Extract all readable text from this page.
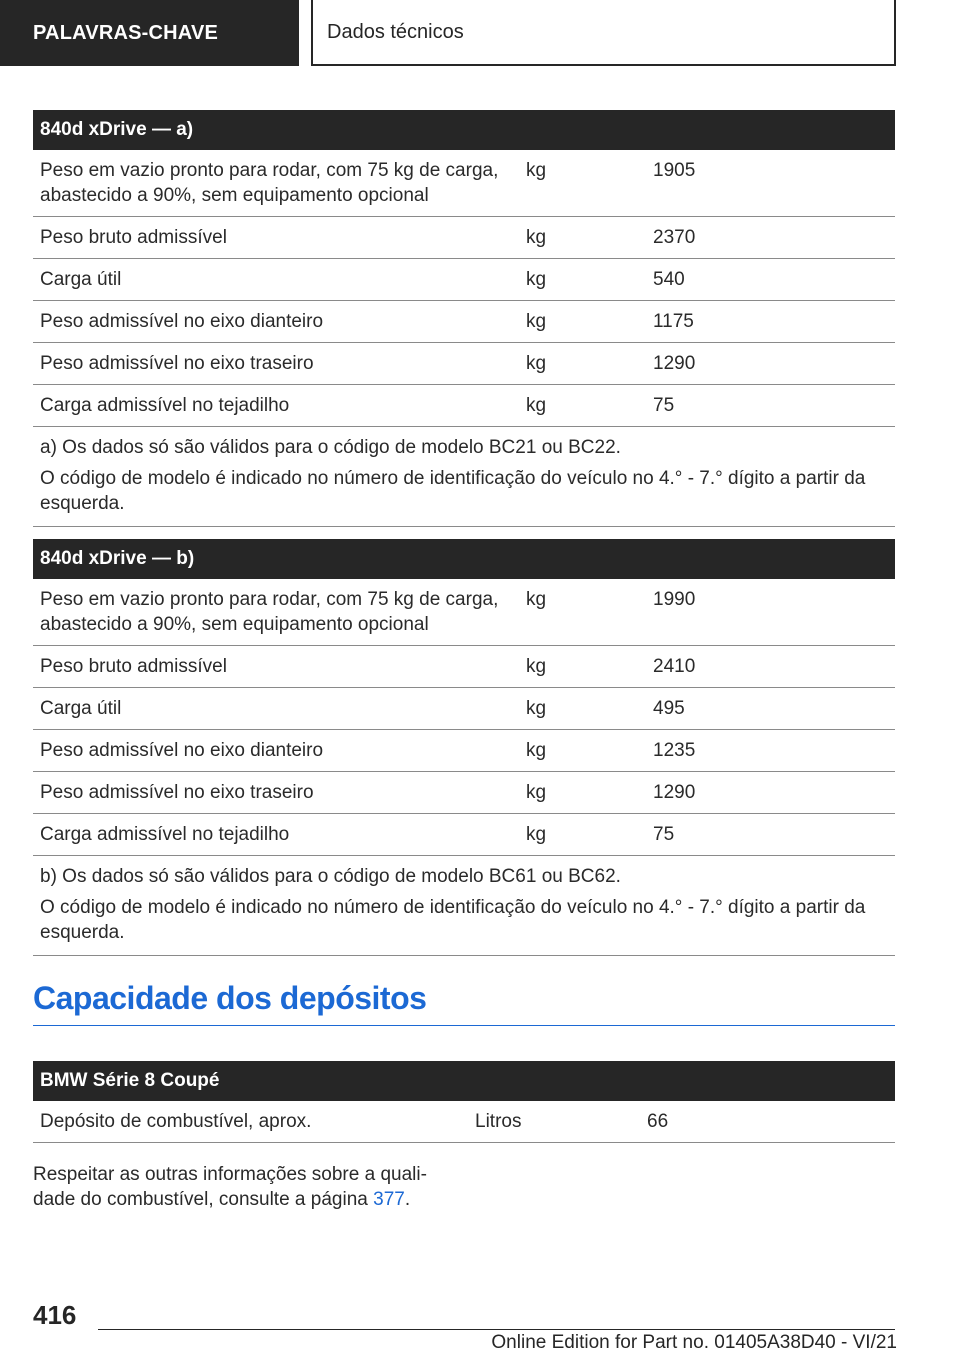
PALAVRAS-CHAVE	Dados técnicos
840d xDrive — a)		
Peso em vazio pronto para rodar, com 75 kg de carga, abastecido a 90%, sem equipamento opcional	kg	1905
Peso bruto admissível	kg	2370
Carga útil	kg	540
Peso admissível no eixo dianteiro	kg	1175
Peso admissível no eixo traseiro	kg	1290
Carga admissível no tejadilho	kg	75

a) Os dados só são válidos para o código de modelo BC21 ou BC22.

O código de modelo é indicado no número de identificação do veículo no 4.° - 7.° dígito a partir da esquerda.		

840d xDrive — b)		
Peso em vazio pronto para rodar, com 75 kg de carga, abastecido a 90%, sem equipamento opcional	kg	1990
Peso bruto admissível	kg	2410
Carga útil	kg	495
Peso admissível no eixo dianteiro	kg	1235
Peso admissível no eixo traseiro	kg	1290
Carga admissível no tejadilho	kg	75

b) Os dados só são válidos para o código de modelo BC61 ou BC62.

O código de modelo é indicado no número de identificação do veículo no 4.° - 7.° dígito a partir da esquerda.		

Capacidade dos depósitos
BMW Série 8 Coupé
Depósito de combustível, aprox.	Litros	66

Respeitar as outras informações sobre a quali-
dade do combustível, consulte a página 377.

416
Online Edition for Part no. 01405A38D40 - VI/21
